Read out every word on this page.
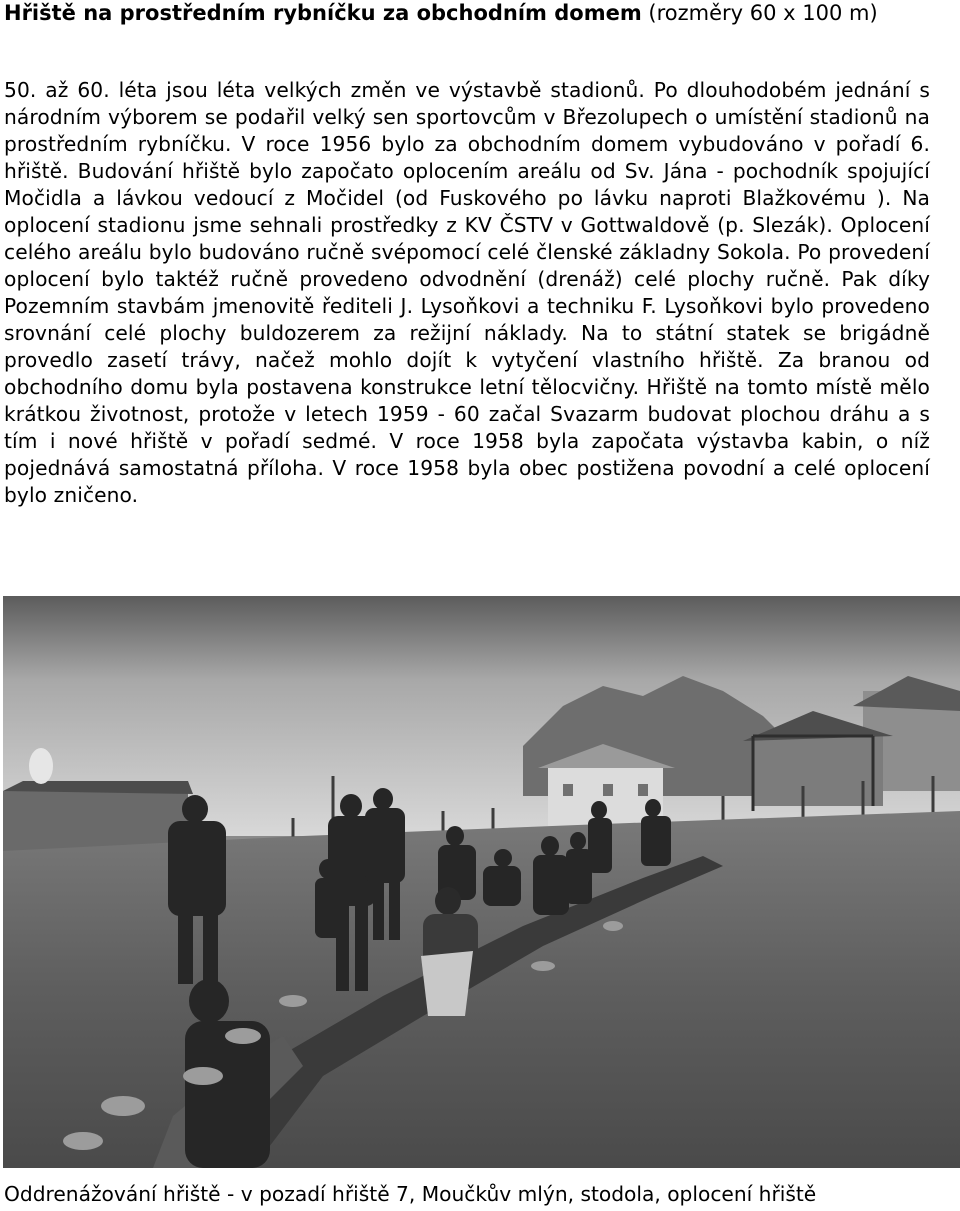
Hřiště na prostředním rybníčku za obchodním domem (rozměry 60 x 100 m)

50. až 60. léta jsou léta velkých změn ve výstavbě stadionů. Po dlouhodobém jednání s národním výborem se podařil velký sen sportovcům v Březolupech o umístění stadionů na prostředním rybníčku. V roce 1956 bylo za obchodním domem vybudováno v pořadí 6. hřiště. Budování hřiště bylo započato oplocením areálu od Sv. Jána - pochodník spojující Močidla a lávkou vedoucí z Močidel (od Fuskového po lávku naproti Blažkovému ). Na oplocení stadionu jsme sehnali prostředky z KV ČSTV v Gottwaldově (p. Slezák). Oplocení celého areálu bylo budováno ručně svépomocí celé členské základny Sokola. Po provedení oplocení bylo taktéž ručně provedeno odvodnění (drenáž) celé plochy ručně. Pak díky Pozemním stavbám jmenovitě řediteli J. Lysoňkovi a techniku F. Lysoňkovi bylo provedeno srovnání celé plochy buldozerem za režijní náklady. Na to státní statek se brigádně provedlo zasetí trávy, načež mohlo dojít k vytyčení vlastního hřiště. Za branou od obchodního domu byla postavena konstrukce letní tělocvičny. Hřiště na tomto místě mělo krátkou životnost, protože v letech 1959 - 60 začal Svazarm budovat plochou dráhu a s tím i nové hřiště v pořadí sedmé. V roce 1958 byla započata výstavba kabin, o níž pojednává samostatná příloha. V roce 1958 byla obec postižena povodní a celé oplocení bylo zničeno.

Oddrenážování hřiště - v pozadí hřiště 7, Moučkův mlýn, stodola, oplocení hřiště
